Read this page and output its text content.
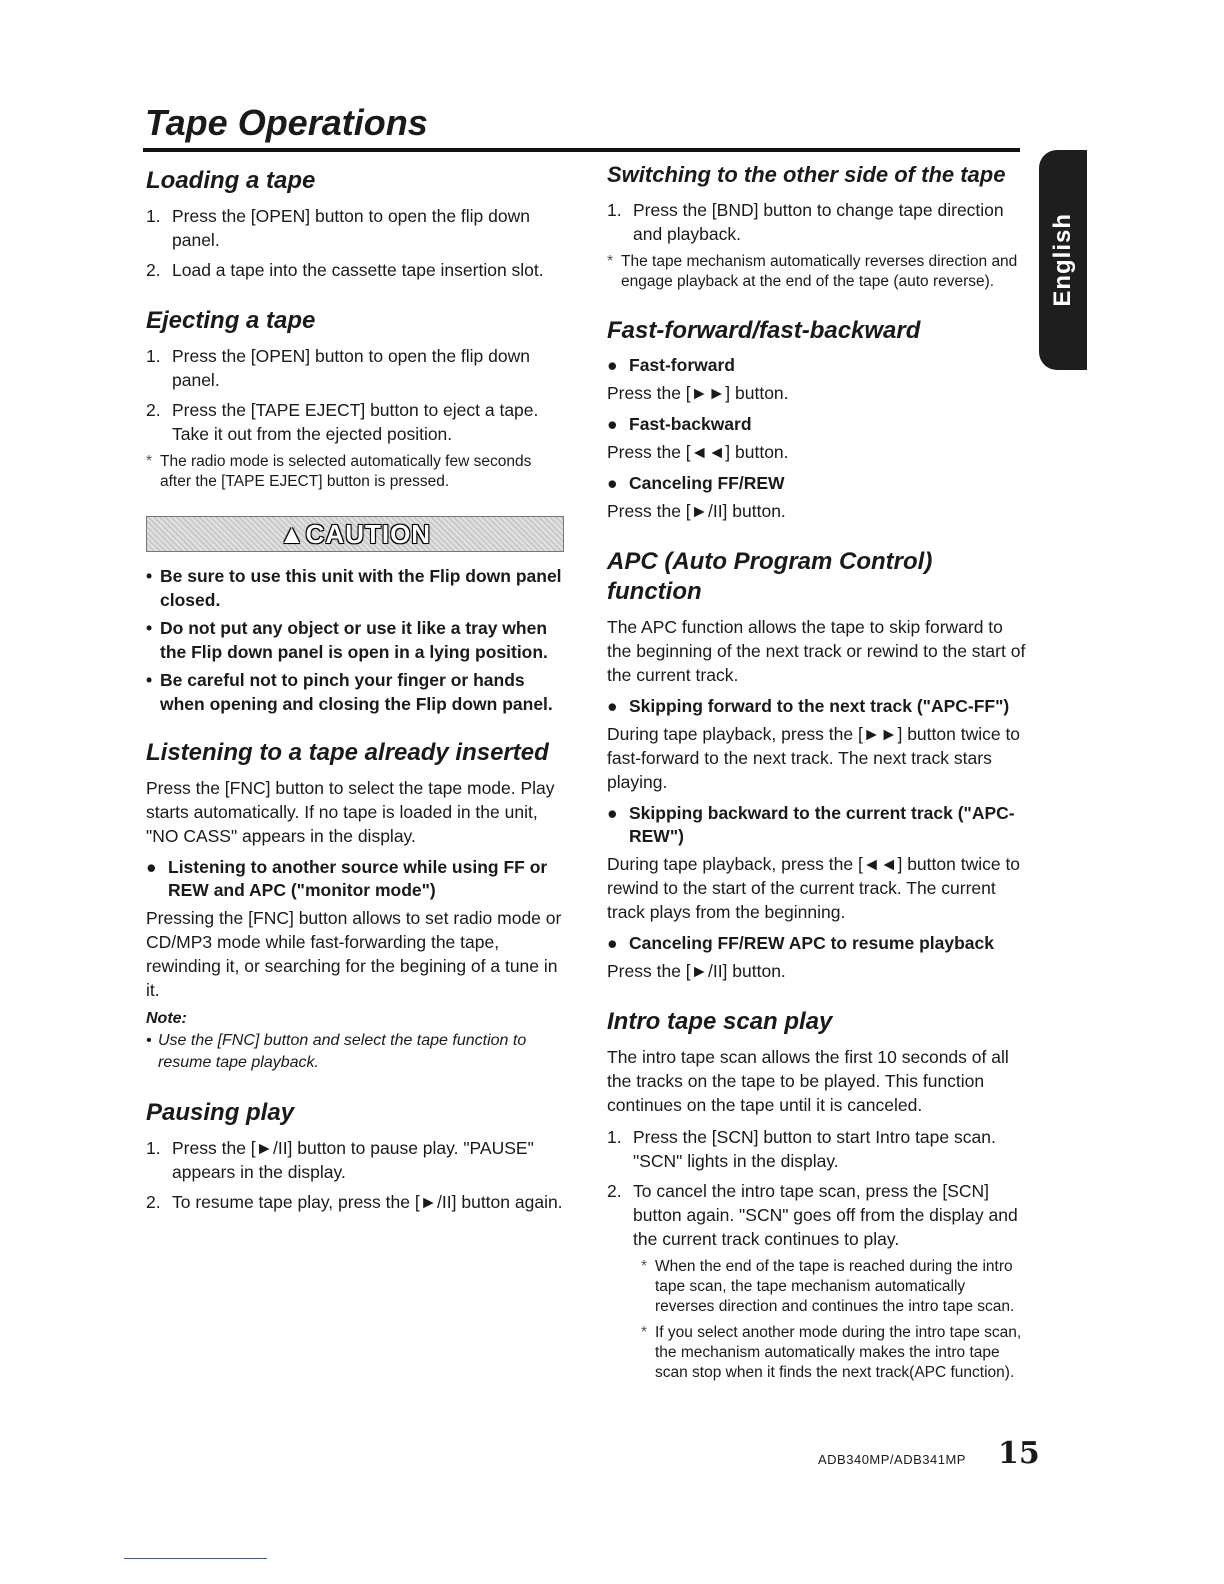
Tape Operations
English
Loading a tape
1. Press the [OPEN] button to open the flip down panel.
2. Load a tape into the cassette tape insertion slot.
Ejecting a tape
1. Press the [OPEN] button to open the flip down panel.
2. Press the [TAPE EJECT] button to eject a tape. Take it out from the ejected position.
* The radio mode is selected automatically few seconds after the [TAPE EJECT] button is pressed.
▲CAUTION
• Be sure to use this unit with the Flip down panel closed.
• Do not put any object or use it like a tray when the Flip down panel is open in a lying position.
• Be careful not to pinch your finger or hands when opening and closing the Flip down panel.
Listening to a tape already inserted

Press the [FNC] button to select the tape mode. Play starts automatically. If no tape is loaded in the unit, "NO CASS" appears in the display.

● Listening to another source while using FF or REW and APC ("monitor mode")

Pressing the [FNC] button allows to set radio mode or CD/MP3 mode while fast-forwarding the tape, rewinding it, or searching for the begining of a tune in it.

Note:

• Use the [FNC] button and select the tape function to resume tape playback.

Pausing play
1. Press the [►/II] button to pause play. "PAUSE" appears in the display.
2. To resume tape play, press the [►/II] button again.
Switching to the other side of the tape
1. Press the [BND] button to change tape direction and playback.
* The tape mechanism automatically reverses direction and engage playback at the end of the tape (auto reverse).
Fast-forward/fast-backward
● Fast-forward

Press the [►►] button.

● Fast-backward

Press the [◄◄] button.

● Canceling FF/REW

Press the [►/II] button.

APC (Auto Program Control) function

The APC function allows the tape to skip forward to the beginning of the next track or rewind to the start of the current track.

● Skipping forward to the next track ("APC-FF")

During tape playback, press the [►►] button twice to fast-forward to the next track. The next track stars playing.

● Skipping backward to the current track ("APC-REW")

During tape playback, press the [◄◄] button twice to rewind to the start of the current track. The current track plays from the beginning.

● Canceling FF/REW APC to resume playback

Press the [►/II] button.

Intro tape scan play

The intro tape scan allows the first 10 seconds of all the tracks on the tape to be played. This function continues on the tape until it is canceled.

1. Press the [SCN] button to start Intro tape scan. "SCN" lights in the display.
2. To cancel the intro tape scan, press the [SCN] button again. "SCN" goes off from the display and the current track continues to play.
* When the end of the tape is reached during the intro tape scan, the tape mechanism automatically reverses direction and continues the intro tape scan.
* If you select another mode during the intro tape scan, the mechanism automatically makes the intro tape scan stop when it finds the next track(APC function).
ADB340MP/ADB341MP 15
